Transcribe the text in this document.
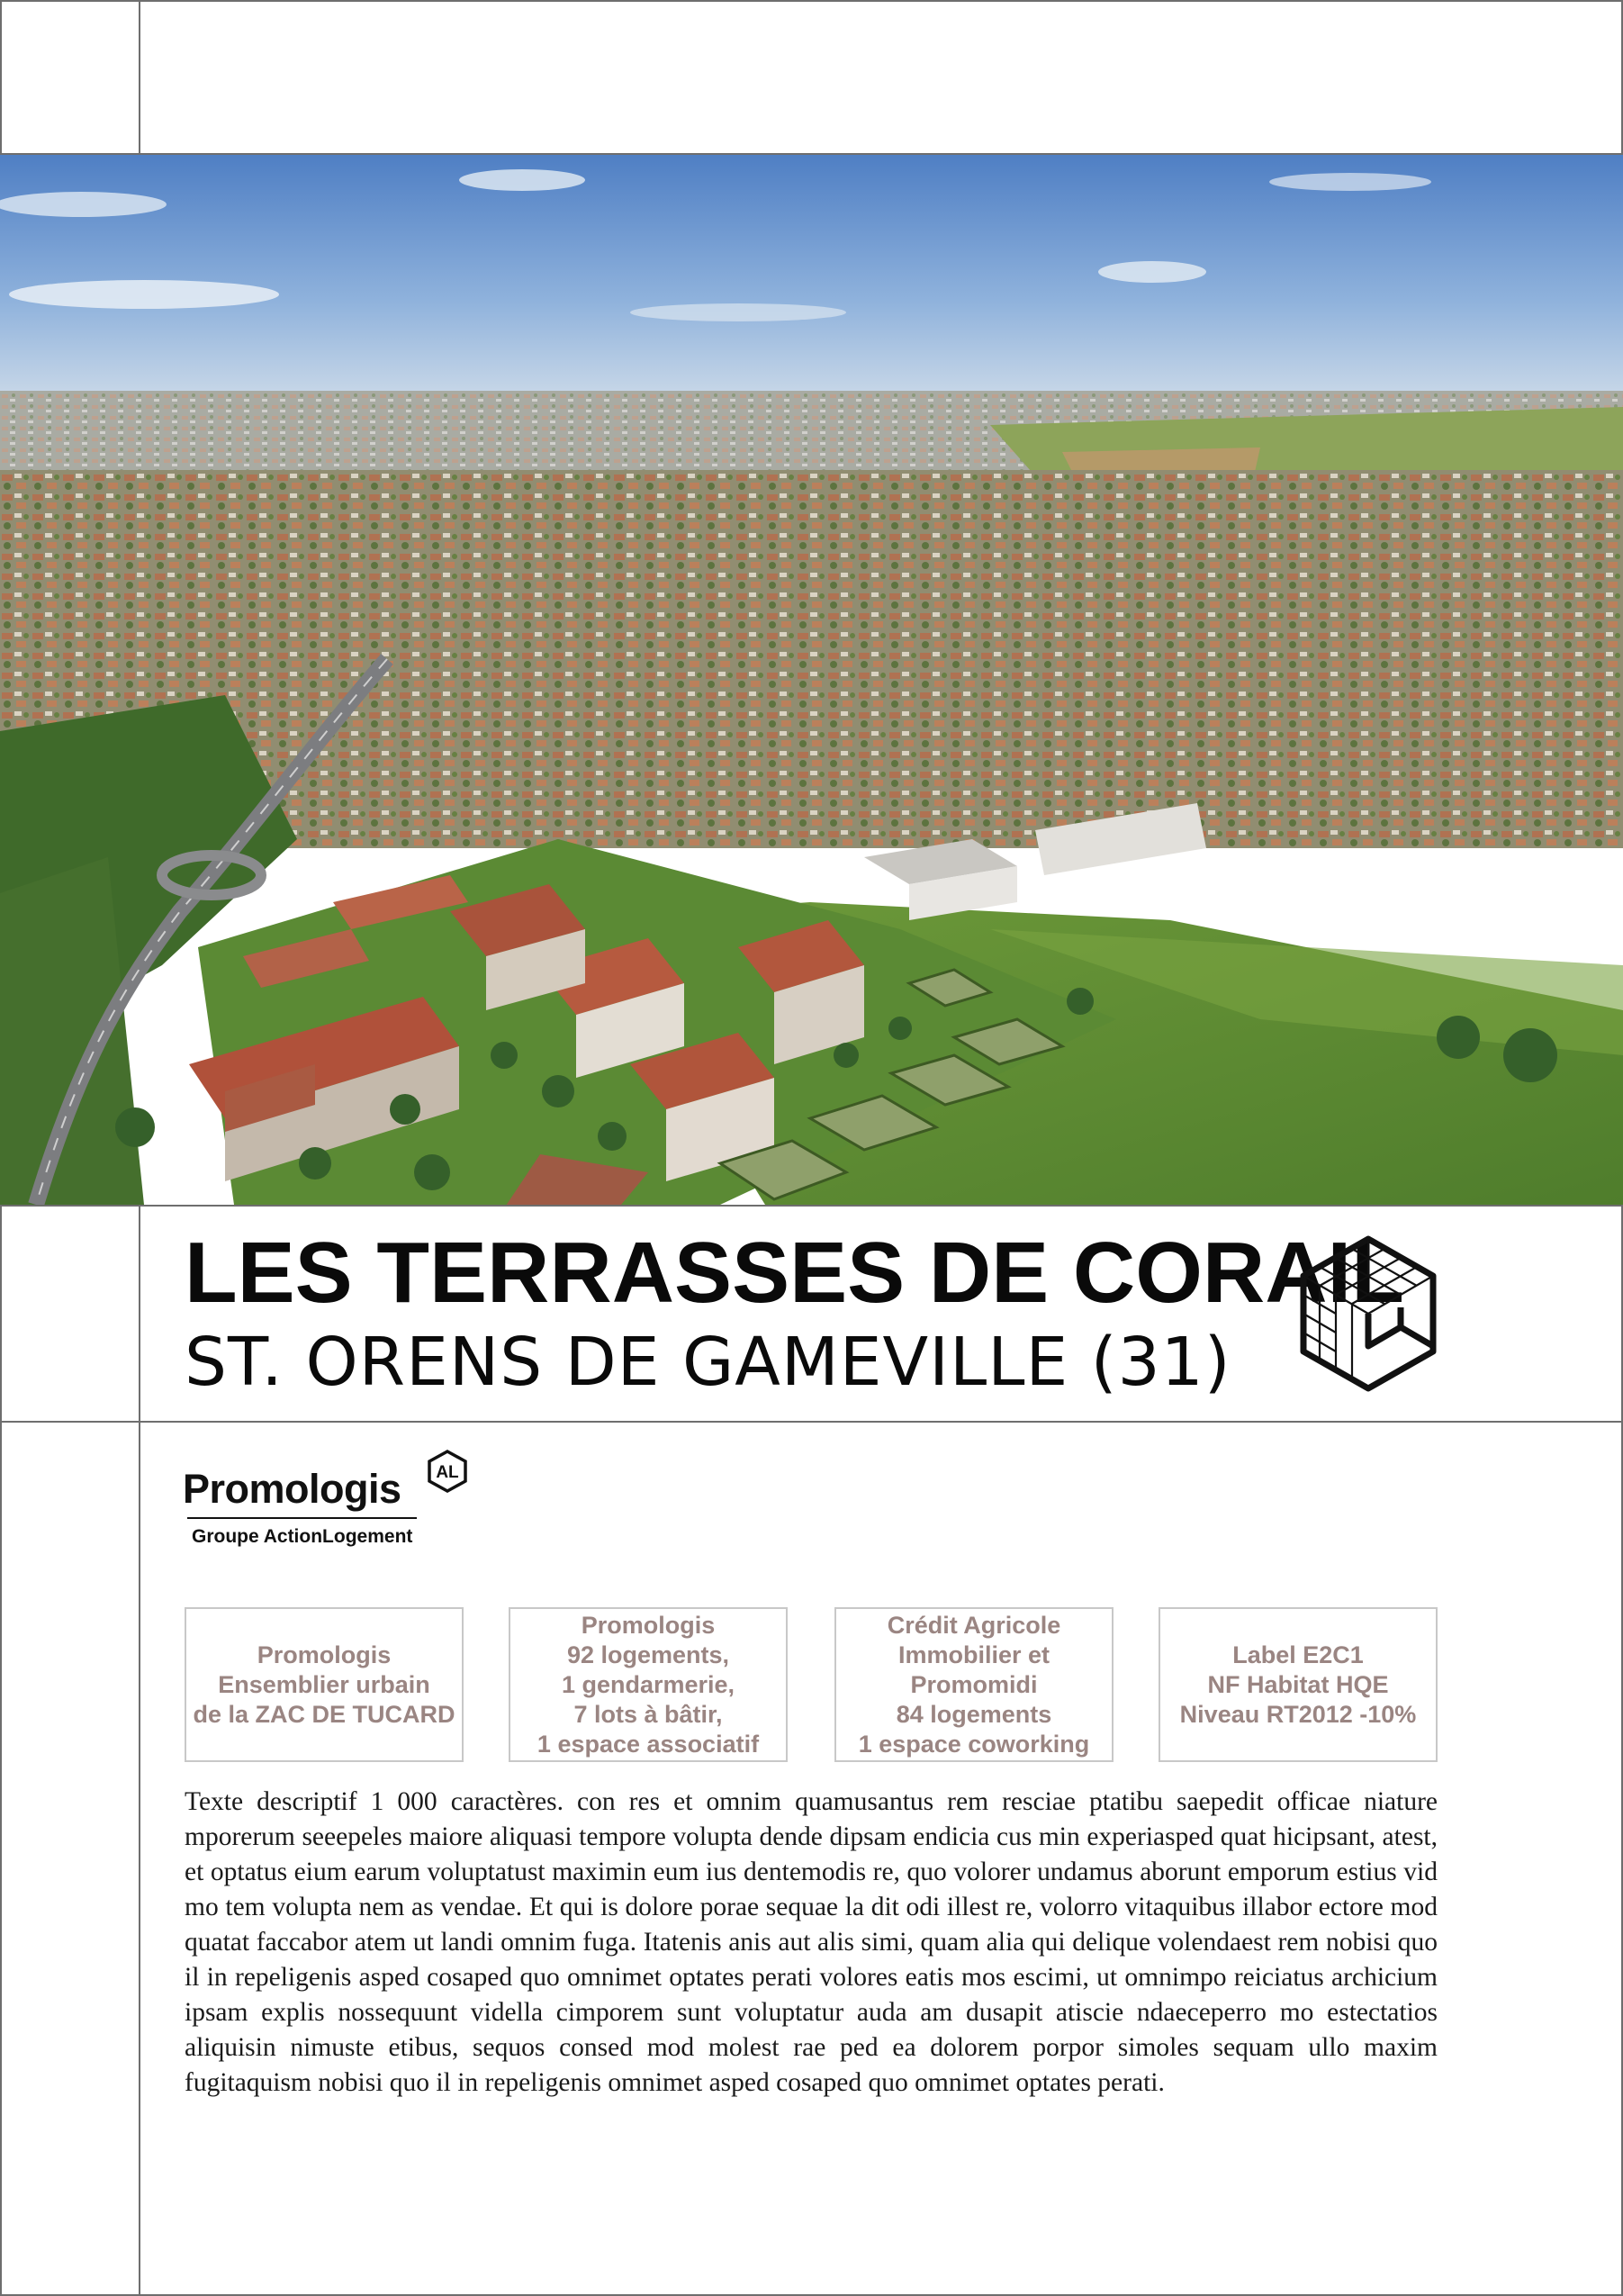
LES TERRASSES DE CORAIL
ST. ORENS DE GAMEVILLE (31)
Promologis AL
Groupe ActionLogement
Promologis
Ensemblier urbain
de la ZAC DE TUCARD
Promologis
92 logements,
1 gendarmerie,
7 lots à bâtir,
1 espace associatif
Crédit Agricole
Immobilier et
Promomidi
84 logements
1 espace coworking
Label E2C1
NF Habitat HQE
Niveau RT2012 -10%

Texte descriptif 1 000 caractères. con res et omnim quamusantus rem resciae ptatibu saepedit officae niature mporerum seeepeles maiore aliquasi tempore volupta dende dipsam endicia cus min experiasped quat hicipsant, atest, et optatus eium earum voluptatust maximin eum ius dentemodis re, quo volorer undamus aborunt emporum estius vid mo tem volupta nem as vendae. Et qui is dolore porae sequae la dit odi illest re, volorro vitaquibus illabor ectore mod quatat faccabor atem ut landi omnim fuga. Itatenis anis aut alis simi, quam alia qui delique volendaest rem nobisi quo il in repeligenis asped cosaped quo omnimet optates perati volores eatis mos escimi, ut omnimpo reiciatus archicium ipsam explis nossequunt vidella cimporem sunt voluptatur auda am dusapit atiscie ndaeceperro mo estectatios aliquisin nimuste etibus, sequos consed mod molest rae ped ea dolorem porpor simoles sequam ullo maxim fugitaquism nobisi quo il in repeligenis omnimet asped cosaped quo omnimet optates perati.
